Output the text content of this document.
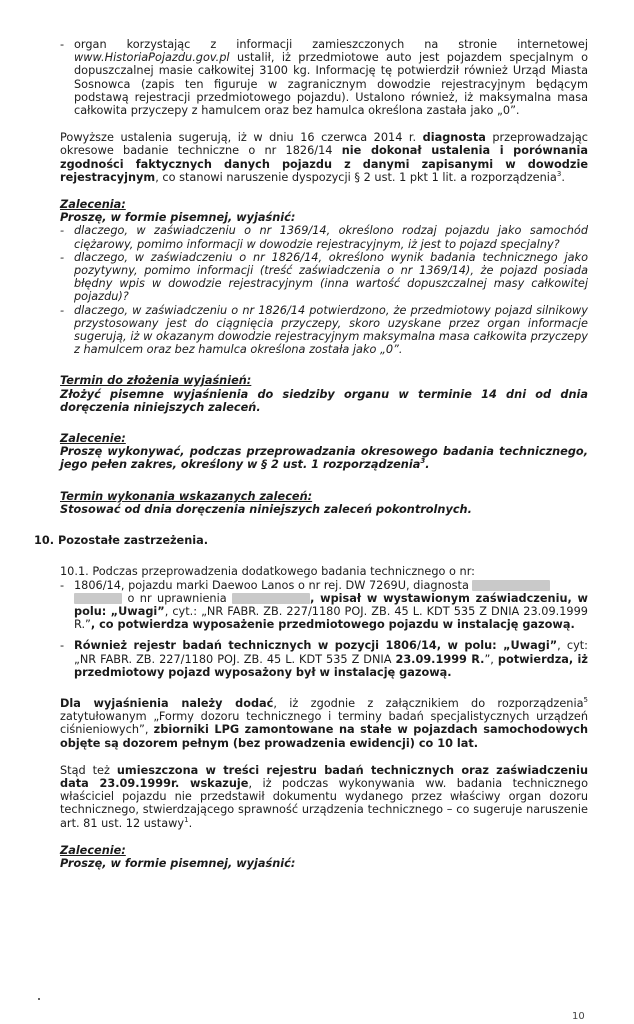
- organ korzystając z informacji zamieszczonych na stronie internetowej www.HistoriaPojazdu.gov.pl ustalił, iż przedmiotowe auto jest pojazdem specjalnym o dopuszczalnej masie całkowitej 3100 kg. Informację tę potwierdził również Urząd Miasta Sosnowca (zapis ten figuruje w zagranicznym dowodzie rejestracyjnym będącym podstawą rejestracji przedmiotowego pojazdu). Ustalono również, iż maksymalna masa całkowita przyczepy z hamulcem oraz bez hamulca określona zastała jako „0”.

Powyższe ustalenia sugerują, iż w dniu 16 czerwca 2014 r. diagnosta przeprowadzając okresowe badanie techniczne o nr 1826/14 nie dokonał ustalenia i porównania zgodności faktycznych danych pojazdu z danymi zapisanymi w dowodzie rejestracyjnym, co stanowi naruszenie dyspozycji § 2 ust. 1 pkt 1 lit. a rozporządzenia$^3$.

Zalecenia:

Proszę, w formie pisemnej, wyjaśnić:

- dlaczego, w zaświadczeniu o nr 1369/14, określono rodzaj pojazdu jako samochód ciężarowy, pomimo informacji w dowodzie rejestracyjnym, iż jest to pojazd specjalny?

- dlaczego, w zaświadczeniu o nr 1826/14, określono wynik badania technicznego jako pozytywny, pomimo informacji (treść zaświadczenia o nr 1369/14), że pojazd posiada błędny wpis w dowodzie rejestracyjnym (inna wartość dopuszczalnej masy całkowitej pojazdu)?

- dlaczego, w zaświadczeniu o nr 1826/14 potwierdzono, że przedmiotowy pojazd silnikowy przystosowany jest do ciągnięcia przyczepy, skoro uzyskane przez organ informacje sugerują, iż w okazanym dowodzie rejestracyjnym maksymalna masa całkowita przyczepy z hamulcem oraz bez hamulca określona została jako „0”.

Termin do złożenia wyjaśnień:

Złożyć pisemne wyjaśnienia do siedziby organu w terminie 14 dni od dnia doręczenia niniejszych zaleceń.

Zalecenie:

Proszę wykonywać, podczas przeprowadzania okresowego badania technicznego, jego pełen zakres, określony w § 2 ust. 1 rozporządzenia$^3$.

Termin wykonania wskazanych zaleceń:

Stosować od dnia doręczenia niniejszych zaleceń pokontrolnych.

10. Pozostałe zastrzeżenia.

10.1. Podczas przeprowadzenia dodatkowego badania technicznego o nr:

- 1806/14, pojazdu marki Daewoo Lanos o nr rej. DW 7269U, diagnosta
o nr uprawnienia	, wpisał w wystawionym zaświadczeniu, w polu: „Uwagi”, cyt.: „NR FABR. ZB. 227/1180 POJ. ZB. 45 L. KDT 535 Z DNIA 23.09.1999 R.”, co potwierdza wyposażenie przedmiotowego pojazdu w instalację gazową.

- Również rejestr badań technicznych w pozycji 1806/14, w polu: „Uwagi”, cyt: „NR FABR. ZB. 227/1180 POJ. ZB. 45 L. KDT 535 Z DNIA 23.09.1999 R.”, potwierdza, iż przedmiotowy pojazd wyposażony był w instalację gazową.

Dla wyjaśnienia należy dodać, iż zgodnie z załącznikiem do rozporządzenia$^5$ zatytułowanym „Formy dozoru technicznego i terminy badań specjalistycznych urządzeń ciśnieniowych”, zbiorniki LPG zamontowane na stałe w pojazdach samochodowych objęte są dozorem pełnym (bez prowadzenia ewidencji) co 10 lat.

Stąd też umieszczona w treści rejestru badań technicznych oraz zaświadczeniu data 23.09.1999r. wskazuje, iż podczas wykonywania ww. badania technicznego właściciel pojazdu nie przedstawił dokumentu wydanego przez właściwy organ dozoru technicznego, stwierdzającego sprawność urządzenia technicznego – co sugeruje naruszenie art. 81 ust. 12 ustawy$^1$.

Zalecenie:

Proszę, w formie pisemnej, wyjaśnić:

10
